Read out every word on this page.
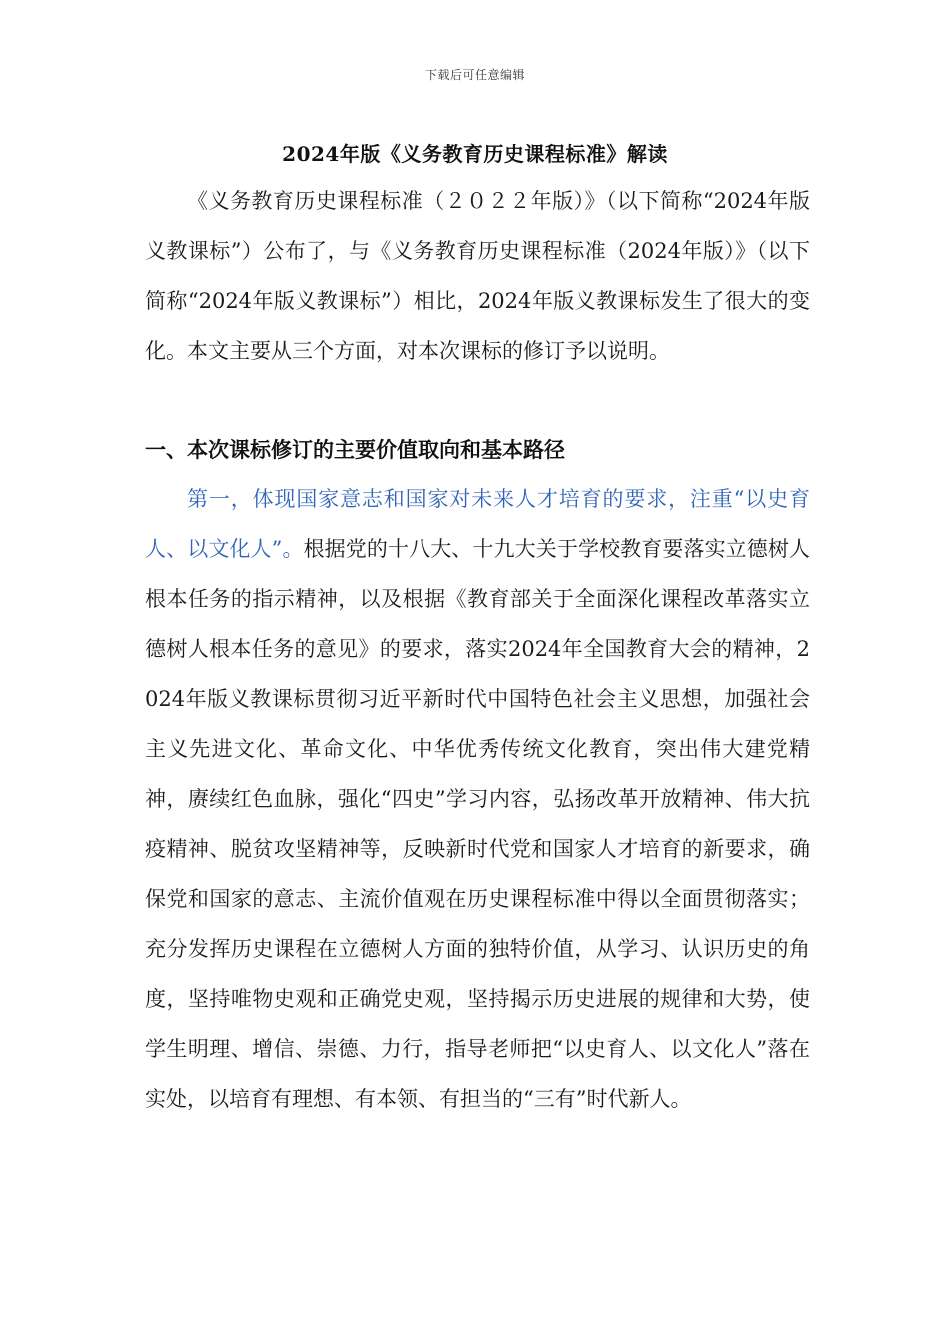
下载后可任意编辑
2024年版《义务教育历史课程标准》解读

《义务教育历史课程标准（２０２２年版）》（以下简称“2024年版义教课标”）公布了，与《义务教育历史课程标准（2024年版）》（以下简称“2024年版义教课标”）相比，2024年版义教课标发生了很大的变化。本文主要从三个方面，对本次课标的修订予以说明。

一、本次课标修订的主要价值取向和基本路径

第一，体现国家意志和国家对未来人才培育的要求，注重“以史育人、以文化人”。根据党的十八大、十九大关于学校教育要落实立德树人根本任务的指示精神，以及根据《教育部关于全面深化课程改革落实立德树人根本任务的意见》的要求，落实2024年全国教育大会的精神，2024年版义教课标贯彻习近平新时代中国特色社会主义思想，加强社会主义先进文化、革命文化、中华优秀传统文化教育，突出伟大建党精神，赓续红色血脉，强化“四史”学习内容，弘扬改革开放精神、伟大抗疫精神、脱贫攻坚精神等，反映新时代党和国家人才培育的新要求，确保党和国家的意志、主流价值观在历史课程标准中得以全面贯彻落实；充分发挥历史课程在立德树人方面的独特价值，从学习、认识历史的角度，坚持唯物史观和正确党史观，坚持揭示历史进展的规律和大势，使学生明理、增信、崇德、力行，指导老师把“以史育人、以文化人”落在实处，以培育有理想、有本领、有担当的“三有”时代新人。
